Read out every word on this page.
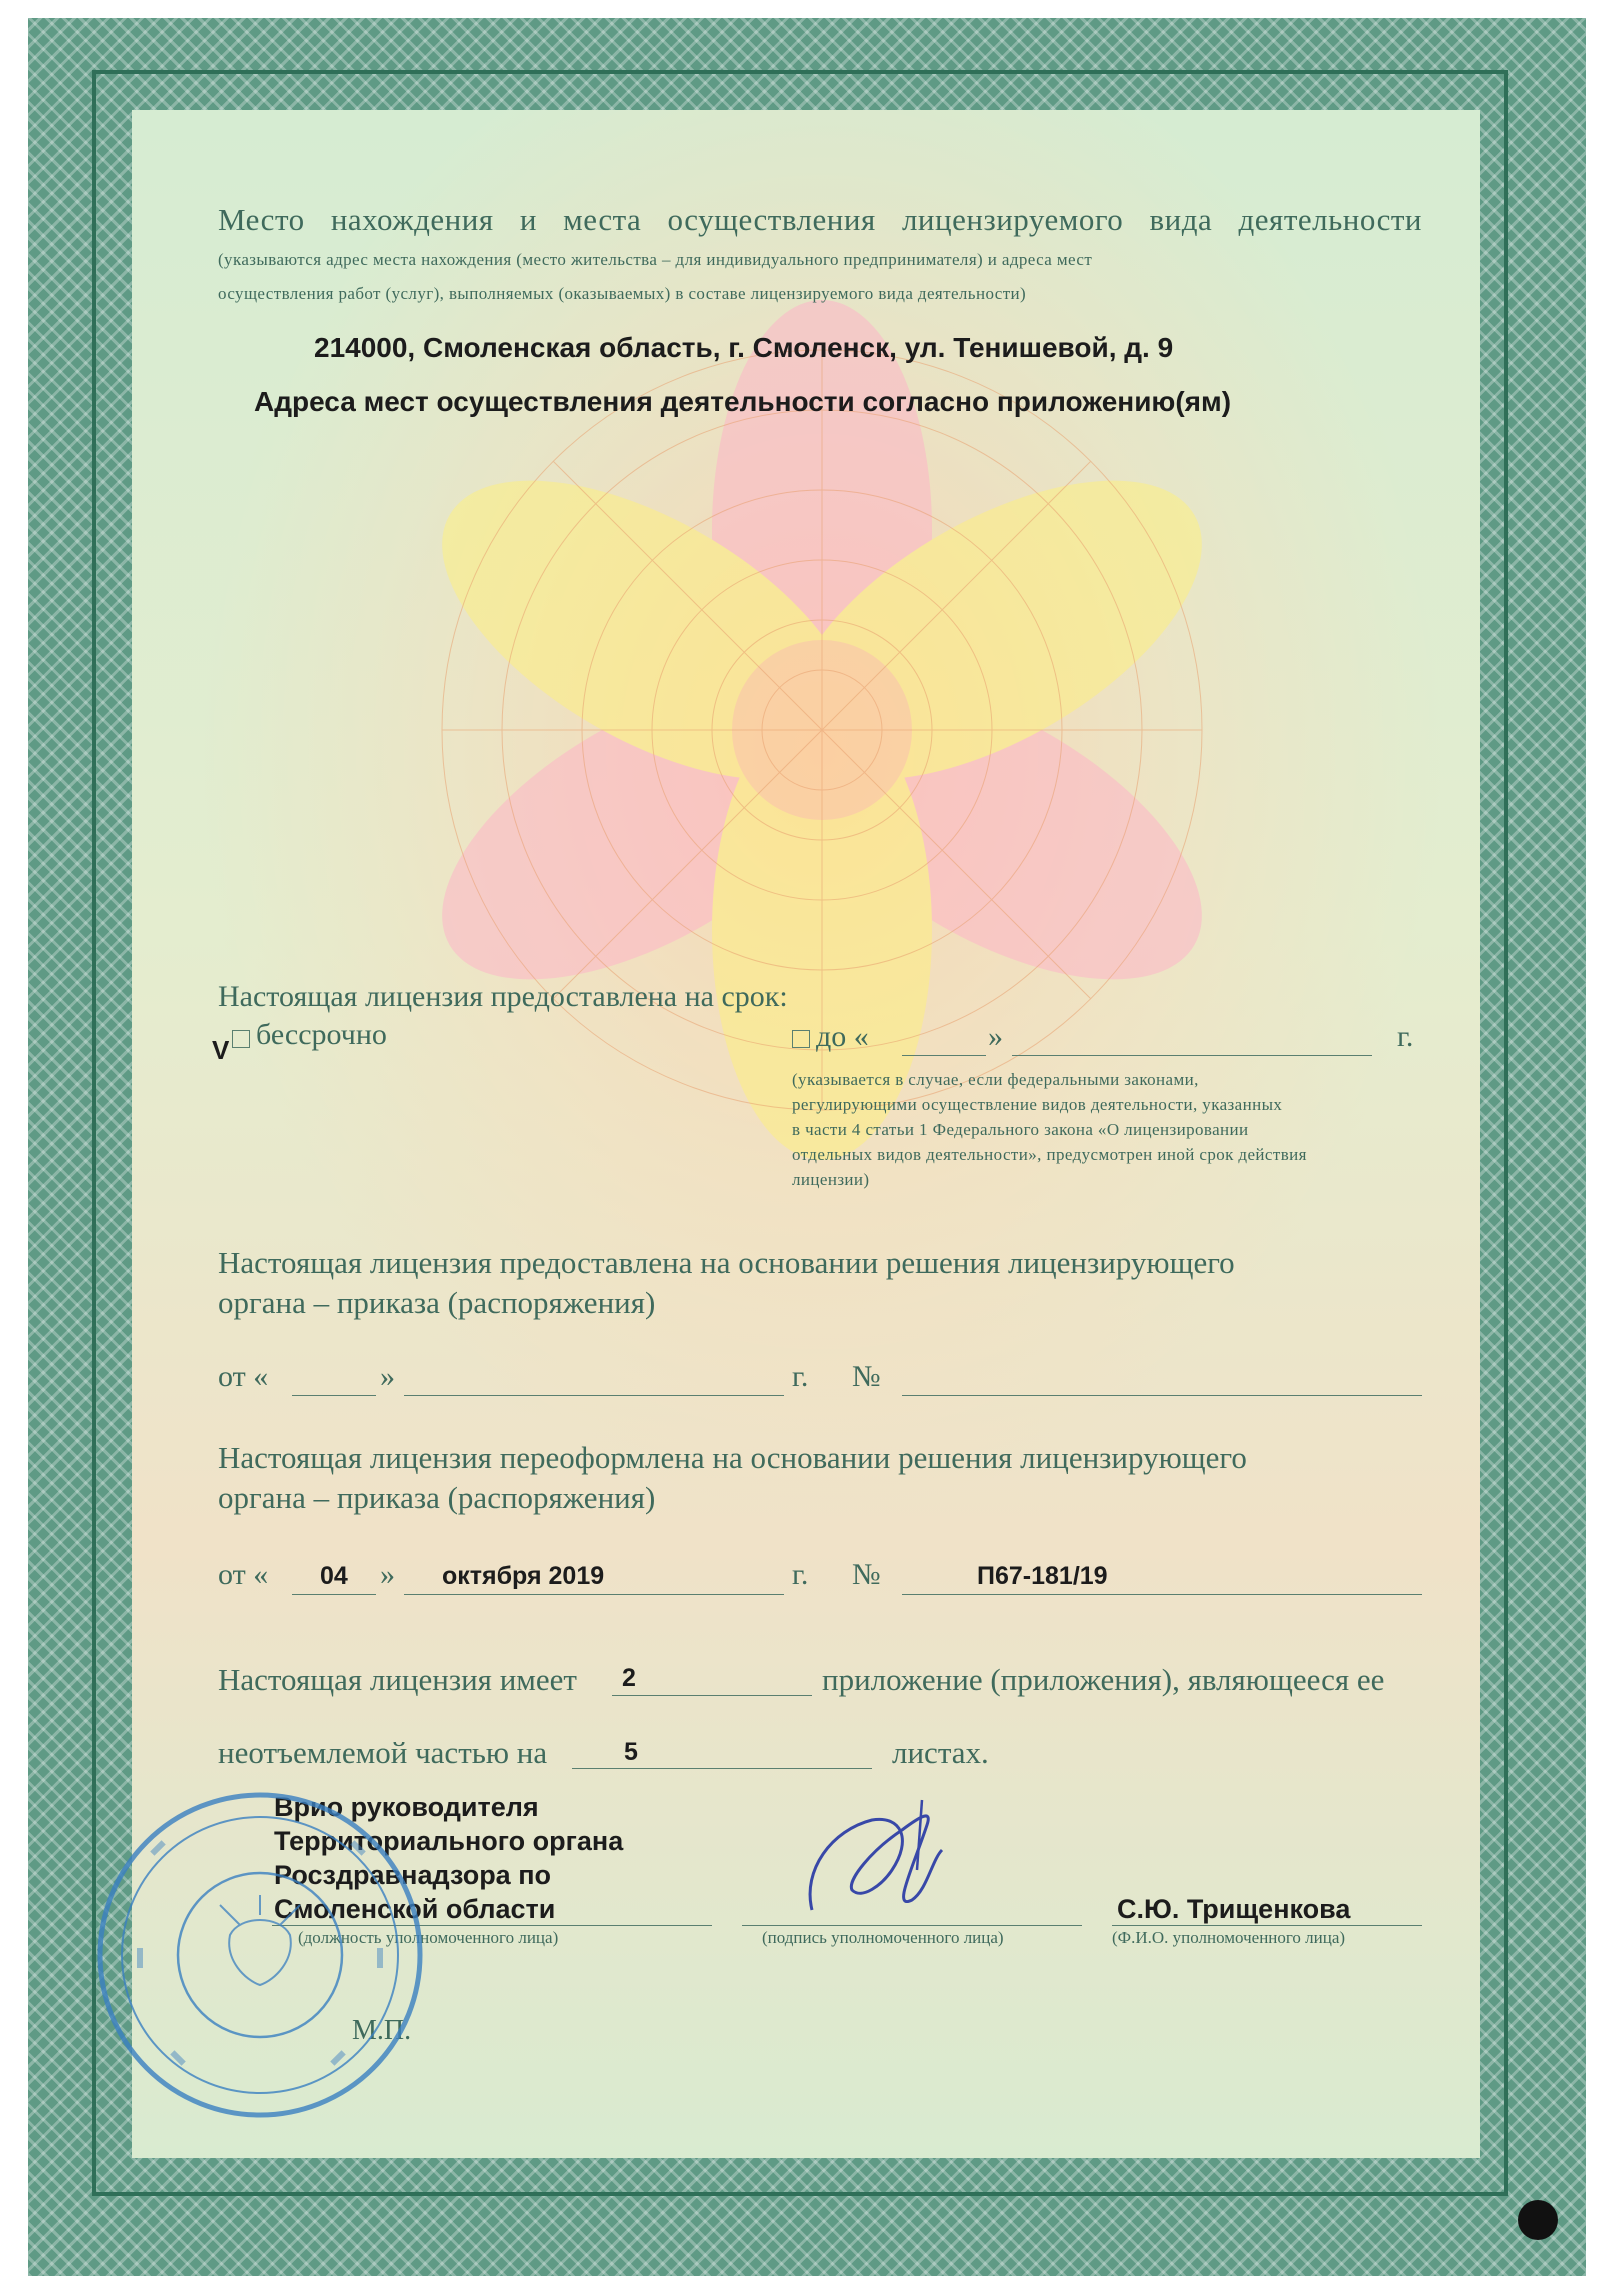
Место нахождения и места осуществления лицензируемого вида деятельности

(указываются адрес места нахождения (место жительства – для индивидуального предпринимателя) и адреса мест

осуществления работ (услуг), выполняемых (оказываемых) в составе лицензируемого вида деятельности)

214000, Смоленская область, г. Смоленск, ул. Тенишевой, д. 9

Адреса мест осуществления деятельности согласно приложению(ям)

Настоящая лицензия предоставлена на срок:

V бессрочно	до «	»	г.

(указывается в случае, если федеральными законами,

регулирующими осуществление видов деятельности, указанных

в части 4 статьи 1 Федерального закона «О лицензировании

отдельных видов деятельности», предусмотрен иной срок действия

лицензии)

Настоящая лицензия предоставлена на основании решения лицензирующего

органа – приказа (распоряжения)

от «	»	г. №

Настоящая лицензия переоформлена на основании решения лицензирующего

органа – приказа (распоряжения)

от « 04 » октября 2019	г. №	П67-181/19

Настоящая лицензия имеет 2	приложение (приложения), являющееся ее

неотъемлемой частью на	5	листах.

Врио руководителя

Территориального органа

Росздравнадзора по

Смоленской области	С.Ю. Трищенкова

(должность уполномоченного лица)	(подпись уполномоченного лица)	(Ф.И.О. уполномоченного лица)

М.П.
